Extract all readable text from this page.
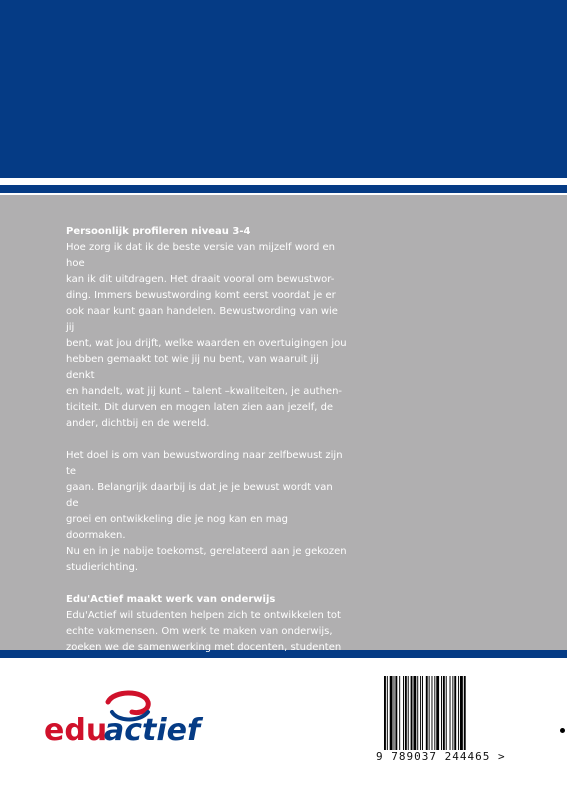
Persoonlijk profileren niveau 3-4

Hoe zorg ik dat ik de beste versie van mijzelf word en hoe
kan ik dit uitdragen. Het draait vooral om bewustwor-
ding. Immers bewustwording komt eerst voordat je er
ook naar kunt gaan handelen. Bewustwording van wie jij
bent, wat jou drijft, welke waarden en overtuigingen jou
hebben gemaakt tot wie jij nu bent, van waaruit jij denkt
en handelt, wat jij kunt – talent –kwaliteiten, je authen-
ticiteit. Dit durven en mogen laten zien aan jezelf, de
ander, dichtbij en de wereld.

Het doel is om van bewustwording naar zelfbewust zijn te
gaan. Belangrijk daarbij is dat je je bewust wordt van de
groei en ontwikkeling die je nog kan en mag doormaken.
Nu en in je nabije toekomst, gerelateerd aan je gekozen
studierichting.

Edu'Actief maakt werk van onderwijs

Edu'Actief wil studenten helpen zich te ontwikkelen tot
echte vakmensen. Om werk te maken van onderwijs,
zoeken we de samenwerking met docenten, studenten
en het bedrijfsleven. Dankzij dat netwerk kunnen we
vernieuwende leermiddelen maken die aansluiten op de
behoefte van de beroepspraktijk.

edu
actief
9 789037 244465 >
